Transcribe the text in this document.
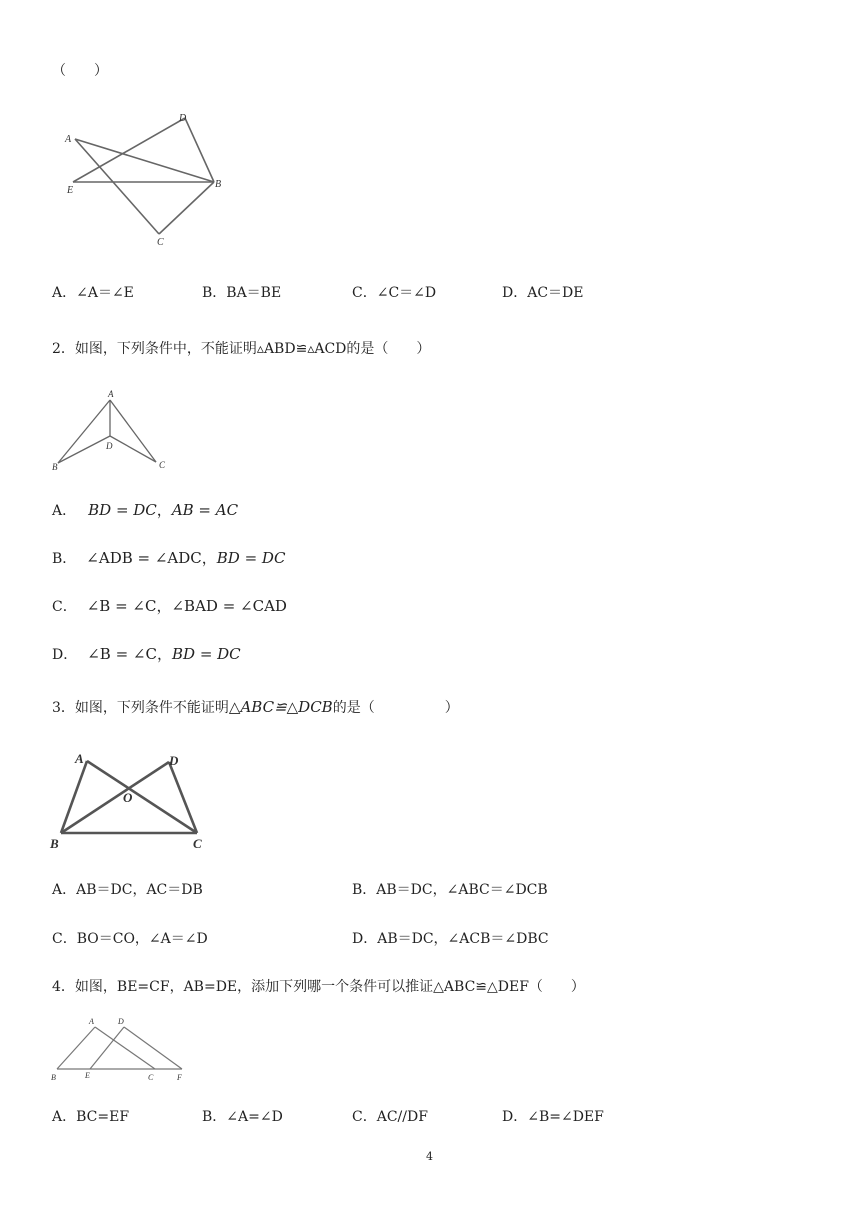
（　　）
A
D
E
B
C
A．∠A＝∠E	B．BA＝BE	C．∠C＝∠D	D．AC＝DE
2．如图，下列条件中，不能证明▵ABD≌▵ACD的是（　　）
A
D
B	C
A． BD = DC，AB = AC
B． ∠ADB = ∠ADC，BD = DC
C． ∠B = ∠C，∠BAD = ∠CAD
D． ∠B = ∠C，BD = DC
3．如图，下列条件不能证明△ABC≌△DCB的是（　　　　　）
A	D
O
B	C
A．AB＝DC，AC＝DB	B．AB＝DC，∠ABC＝∠DCB
C．BO＝CO，∠A＝∠D	D．AB＝DC，∠ACB＝∠DBC
4．如图，BE=CF，AB=DE，添加下列哪一个条件可以推证△ABC≌△DEF（　　）
A	D
B	E	C	F
A．BC=EF	B．∠A=∠D	C．AC//DF	D．∠B=∠DEF
4
